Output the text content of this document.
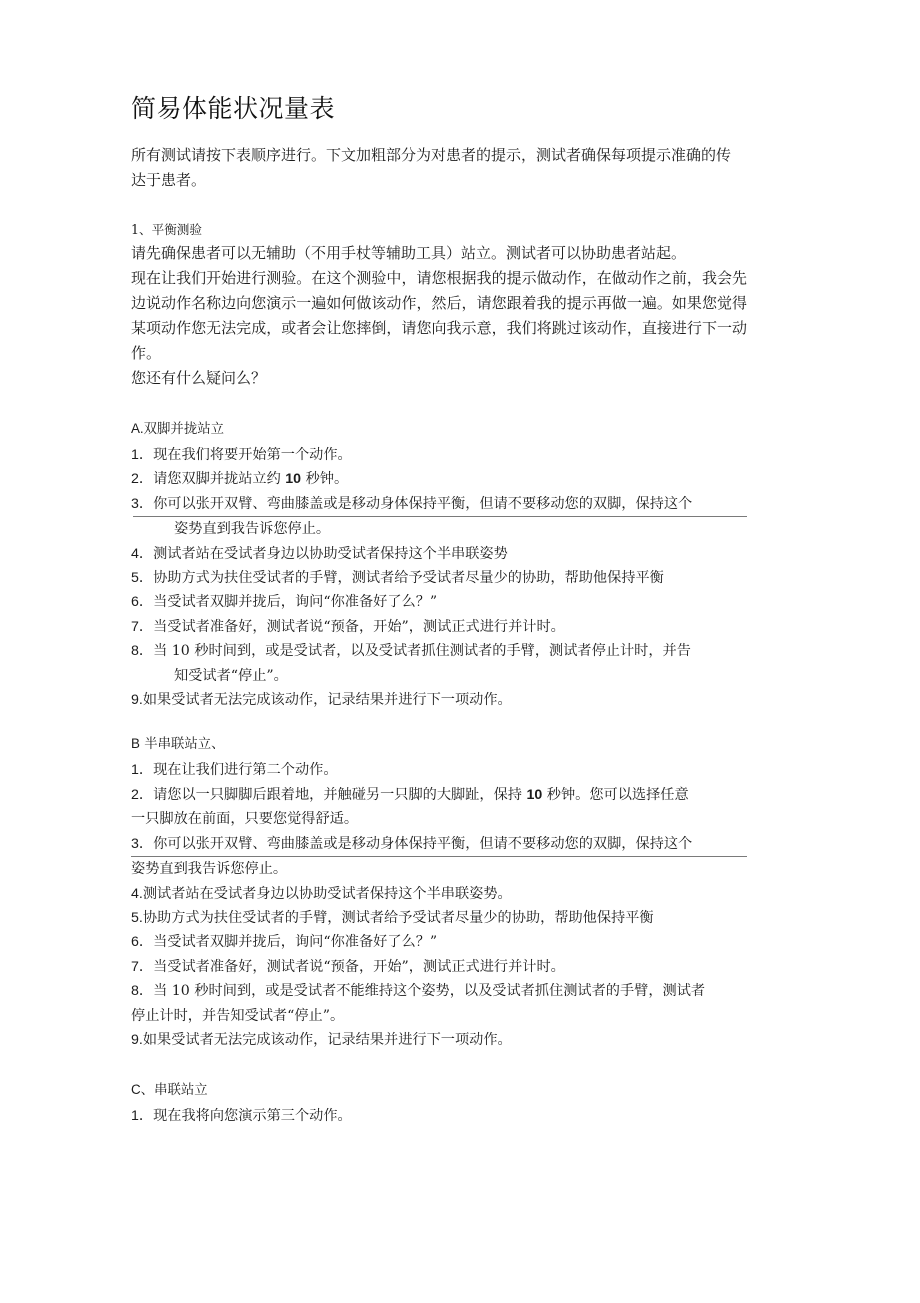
简易体能状况量表

所有测试请按下表顺序进行。下文加粗部分为对患者的提示，测试者确保每项提示准确的传

达于患者。

1、平衡测验

请先确保患者可以无辅助（不用手杖等辅助工具）站立。测试者可以协助患者站起。

现在让我们开始进行测验。在这个测验中，请您根据我的提示做动作，在做动作之前，我会先边说动作名称边向您演示一遍如何做该动作，然后，请您跟着我的提示再做一遍。如果您觉得某项动作您无法完成，或者会让您摔倒，请您向我示意，我们将跳过该动作，直接进行下一动作。

您还有什么疑问么？

A.双脚并拢站立

1．现在我们将要开始第一个动作。

2．请您双脚并拢站立约 10 秒钟。

3．你可以张开双臂、弯曲膝盖或是移动身体保持平衡，但请不要移动您的双脚，保持这个

姿势直到我告诉您停止。

4．测试者站在受试者身边以协助受试者保持这个半串联姿势

5．协助方式为扶住受试者的手臂，测试者给予受试者尽量少的协助，帮助他保持平衡

6．当受试者双脚并拢后，询问“你准备好了么？”

7．当受试者准备好，测试者说“预备，开始”，测试正式进行并计时。

8．当 10 秒时间到，或是受试者，以及受试者抓住测试者的手臂，测试者停止计时，并告
知受试者“停止”。

9.如果受试者无法完成该动作，记录结果并进行下一项动作。

B 半串联站立、

1．现在让我们进行第二个动作。

2．请您以一只脚脚后跟着地，并触碰另一只脚的大脚趾，保持 10 秒钟。您可以选择任意
一只脚放在前面，只要您觉得舒适。

3．你可以张开双臂、弯曲膝盖或是移动身体保持平衡，但请不要移动您的双脚，保持这个

姿势直到我告诉您停止。

4.测试者站在受试者身边以协助受试者保持这个半串联姿势。

5.协助方式为扶住受试者的手臂，测试者给予受试者尽量少的协助，帮助他保持平衡

6．当受试者双脚并拢后，询问“你准备好了么？”

7．当受试者准备好，测试者说“预备，开始”，测试正式进行并计时。

8．当 10 秒时间到，或是受试者不能维持这个姿势，以及受试者抓住测试者的手臂，测试者
停止计时，并告知受试者“停止”。

9.如果受试者无法完成该动作，记录结果并进行下一项动作。

C、串联站立

1．现在我将向您演示第三个动作。
